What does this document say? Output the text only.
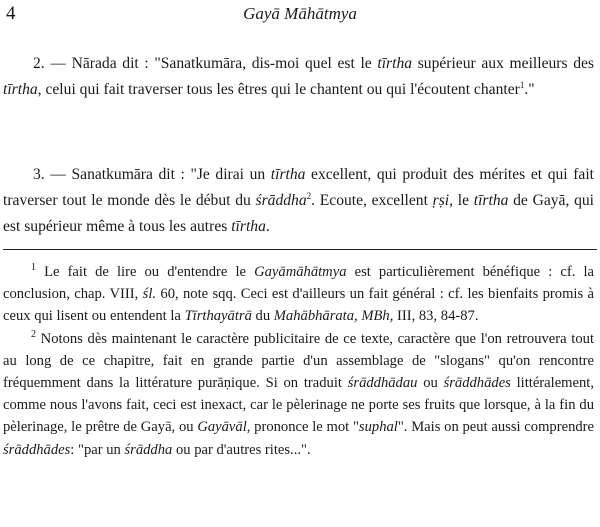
4	Gayā Māhātmya

2. — Nārada dit : "Sanatkumāra, dis-moi quel est le tīrtha supérieur aux meilleurs des tīrtha, celui qui fait traverser tous les êtres qui le chantent ou qui l'écoutent chanter$^1$."

3. — Sanatkumāra dit : "Je dirai un tīrtha excellent, qui produit des mérites et qui fait traverser tout le monde dès le début du śrāddha$^2$. Ecoute, excellent ṛṣi, le tīrtha de Gayā, qui est supérieur même à tous les autres tīrtha.

$^1$ Le fait de lire ou d'entendre le Gayāmāhātmya est particulièrement bénéfique : cf. la conclusion, chap. VIII, śl. 60, note sqq. Ceci est d'ailleurs un fait général : cf. les bienfaits promis à ceux qui lisent ou entendent la Tīrthayātrā du Mahābhārata, MBh, III, 83, 84-87.

$^2$ Notons dès maintenant le caractère publicitaire de ce texte, caractère que l'on retrouvera tout au long de ce chapitre, fait en grande partie d'un assemblage de "slogans" qu'on rencontre fréquemment dans la littérature purāṇique. Si on traduit śrāddhādau ou śrāddhādes littéralement, comme nous l'avons fait, ceci est inexact, car le pèlerinage ne porte ses fruits que lorsque, à la fin du pèlerinage, le prêtre de Gayā, ou Gayāvāl, prononce le mot "suphal". Mais on peut aussi comprendre śrāddhādes: "par un śrāddha ou par d'autres rites...".
